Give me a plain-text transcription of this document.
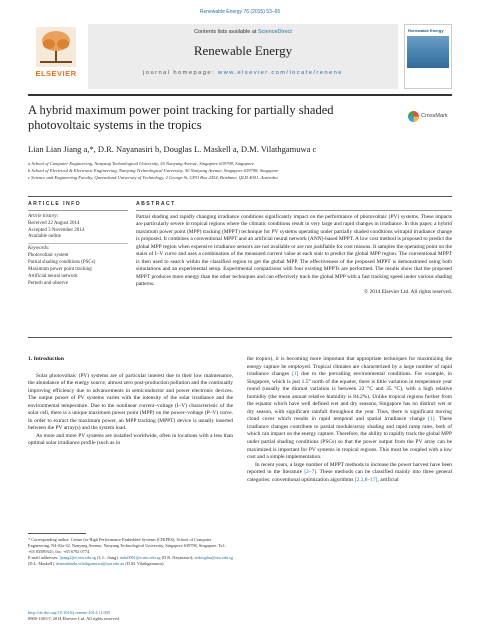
Renewable Energy 76 (2015) 53–65
ELSEVIER
Contents lists available at ScienceDirect
Renewable Energy
journal homepage: www.elsevier.com/locate/renene
Renewable Energy
A hybrid maximum power point tracking for partially shaded photovoltaic systems in the tropics
CrossMark
Lian Lian Jiang a,*, D.R. Nayanasiri b, Douglas L. Maskell a, D.M. Vilathgamuwa c
a School of Computer Engineering, Nanyang Technological University, 50 Nanyang Avenue, Singapore 639798, Singapore
b School of Electrical & Electronic Engineering, Nanyang Technological University, 50 Nanyang Avenue, Singapore 639798, Singapore
c Science and Engineering Faculty, Queensland University of Technology, 2 George St, GPO Box 2434, Brisbane, QLD 4001, Australia
ARTICLE INFO	ABSTRACT
Article history:
Received 22 August 2014
Accepted 3 November 2014
Available online
Keywords:
Photovoltaic system
Partial shading conditions (PSCs)
Maximum power point tracking
Artificial neural network
Perturb and observe
Partial shading and rapidly changing irradiance conditions significantly impact on the performance of photovoltaic (PV) systems. These impacts are particularly severe in tropical regions where the climatic conditions result in very large and rapid changes in irradiance. In this paper, a hybrid maximum power point (MPP) tracking (MPPT) technique for PV systems operating under partially shaded conditions witrapid irradiance change is proposed. It combines a conventional MPPT and an artificial neural network (ANN)-based MPPT. A low cost method is proposed to predict the global MPP region when expensive irradiance sensors are not available or are not justifiable for cost reasons. It samples the operating point on the stairs of I–V curve and uses a combination of the measured current value at each stair to predict the global MPP region. The conventional MPPT is then used to search within the classified region to get the global MPP. The effectiveness of the proposed MPPT is demonstrated using both simulations and an experimental setup. Experimental comparisons with four existing MPPTs are performed. The results show that the proposed MPPT produces more energy than the other techniques and can effectively track the global MPP with a fast tracking speed under various shading patterns.
© 2014 Elsevier Ltd. All rights reserved.
1. Introduction

Solar photovoltaic (PV) systems are of particular interest due to their low maintenance, the abundance of the energy source, almost zero post-production pollution and the continually improving efficiency due to advancements in semiconductor and power electronic devices. The output power of PV systems varies with the intensity of the solar irradiance and the environmental temperature. Due to the nonlinear current–voltage (I–V) characteristic of the solar cell, there is a unique maximum power point (MPP) on the power–voltage (P–V) curve. In order to extract the maximum power, an MPP tracking (MPPT) device is usually inserted between the PV array(s) and the system load.

As more and more PV systems are installed worldwide, often in locations with a less than optimal solar irradiance profile (such as in

the tropics), it is becoming more important that appropriate techniques for maximizing the energy capture be employed. Tropical climates are characterized by a large number of rapid irradiance changes [1] due to the prevailing environmental conditions. For example, in Singapore, which is just 1.5° north of the equator, there is little variation in temperature year round (usually the diurnal variation is between 22 °C and 35 °C), with a high relative humidity (the mean annual relative humidity is 84.2%). Unlike tropical regions further from the equator which have well defined wet and dry seasons, Singapore has no distinct wet or dry season, with significant rainfall throughout the year. Thus, there is significant moving cloud cover which results in rapid temporal and spatial irradiance change [1]. These irradiance changes contribute to partial module/array shading and rapid ramp rates, both of which can impact on the energy capture. Therefore, the ability to rapidly track the global MPP under partial shading conditions (PSCs) so that the power output from the PV array can be maximized is important for PV systems in tropical regions. This must be coupled with a low cost and a simple implementation.

In recent years, a large number of MPPT methods to increase the power harvest have been reported in the literature [2–7]. These methods can be classified mainly into three general categories: conventional optimization algorithms [2,3,8–17], artificial

* Corresponding author. Centre for High Performance Embedded Systems (CHiPES), School of Computer Engineering, N4-02a-32, Nanyang Avenue, Nanyang Technological University, Singapore 639798, Singapore. Tel.: +65 83589341; fax: +65 6792 0774.
E-mail addresses: ljiang2@e.ntu.edu.sg (L.L. Jiang), indu0001@e.ntu.edu.sg (D.R. Nayanasiri), asdouglas@ntu.edu.sg (D.L. Maskell), dvnmahinda.vilathgamuwa@qut.edu.au (D.M. Vilathgamuwa).
http://dx.doi.org/10.1016/j.renene.2014.11.005
0960-1481/© 2014 Elsevier Ltd. All rights reserved.
